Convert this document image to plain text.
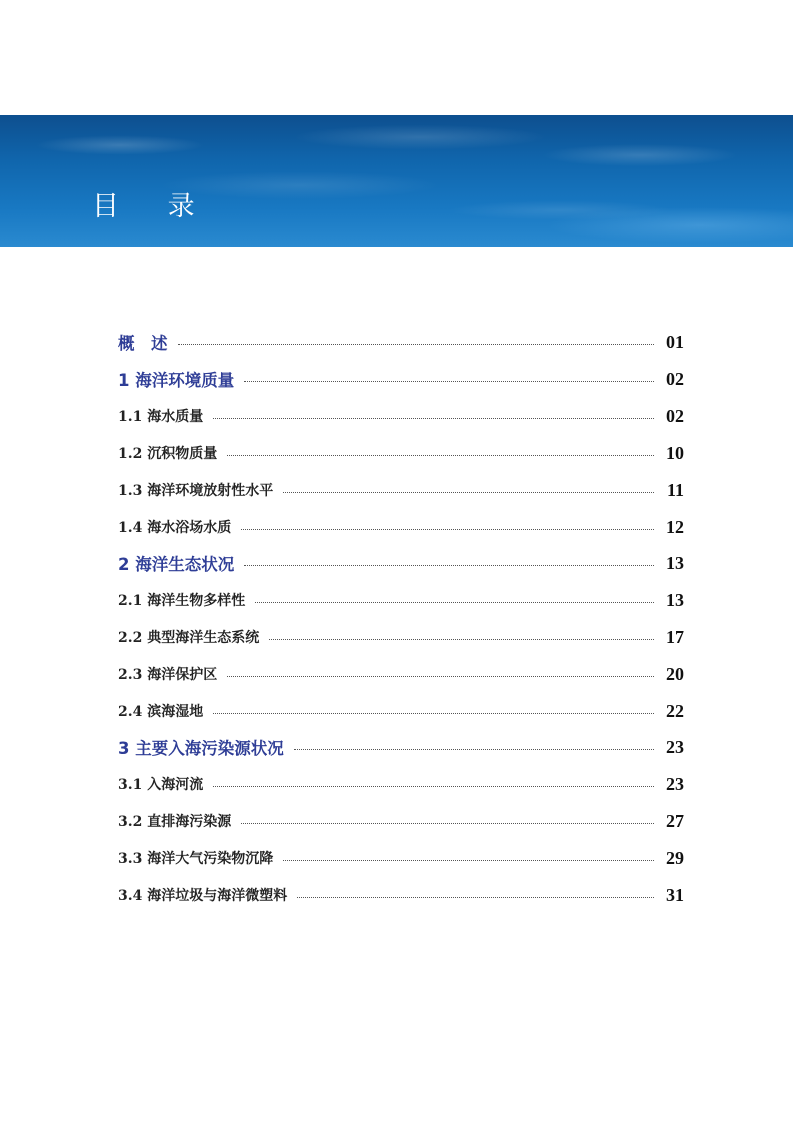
目 录
概　述	01
1 海洋环境质量	02
1.1 海水质量	02
1.2 沉积物质量	10
1.3 海洋环境放射性水平	11
1.4 海水浴场水质	12
2 海洋生态状况	13
2.1 海洋生物多样性	13
2.2 典型海洋生态系统	17
2.3 海洋保护区	20
2.4 滨海湿地	22
3 主要入海污染源状况	23
3.1 入海河流	23
3.2 直排海污染源	27
3.3 海洋大气污染物沉降	29
3.4 海洋垃圾与海洋微塑料	31
